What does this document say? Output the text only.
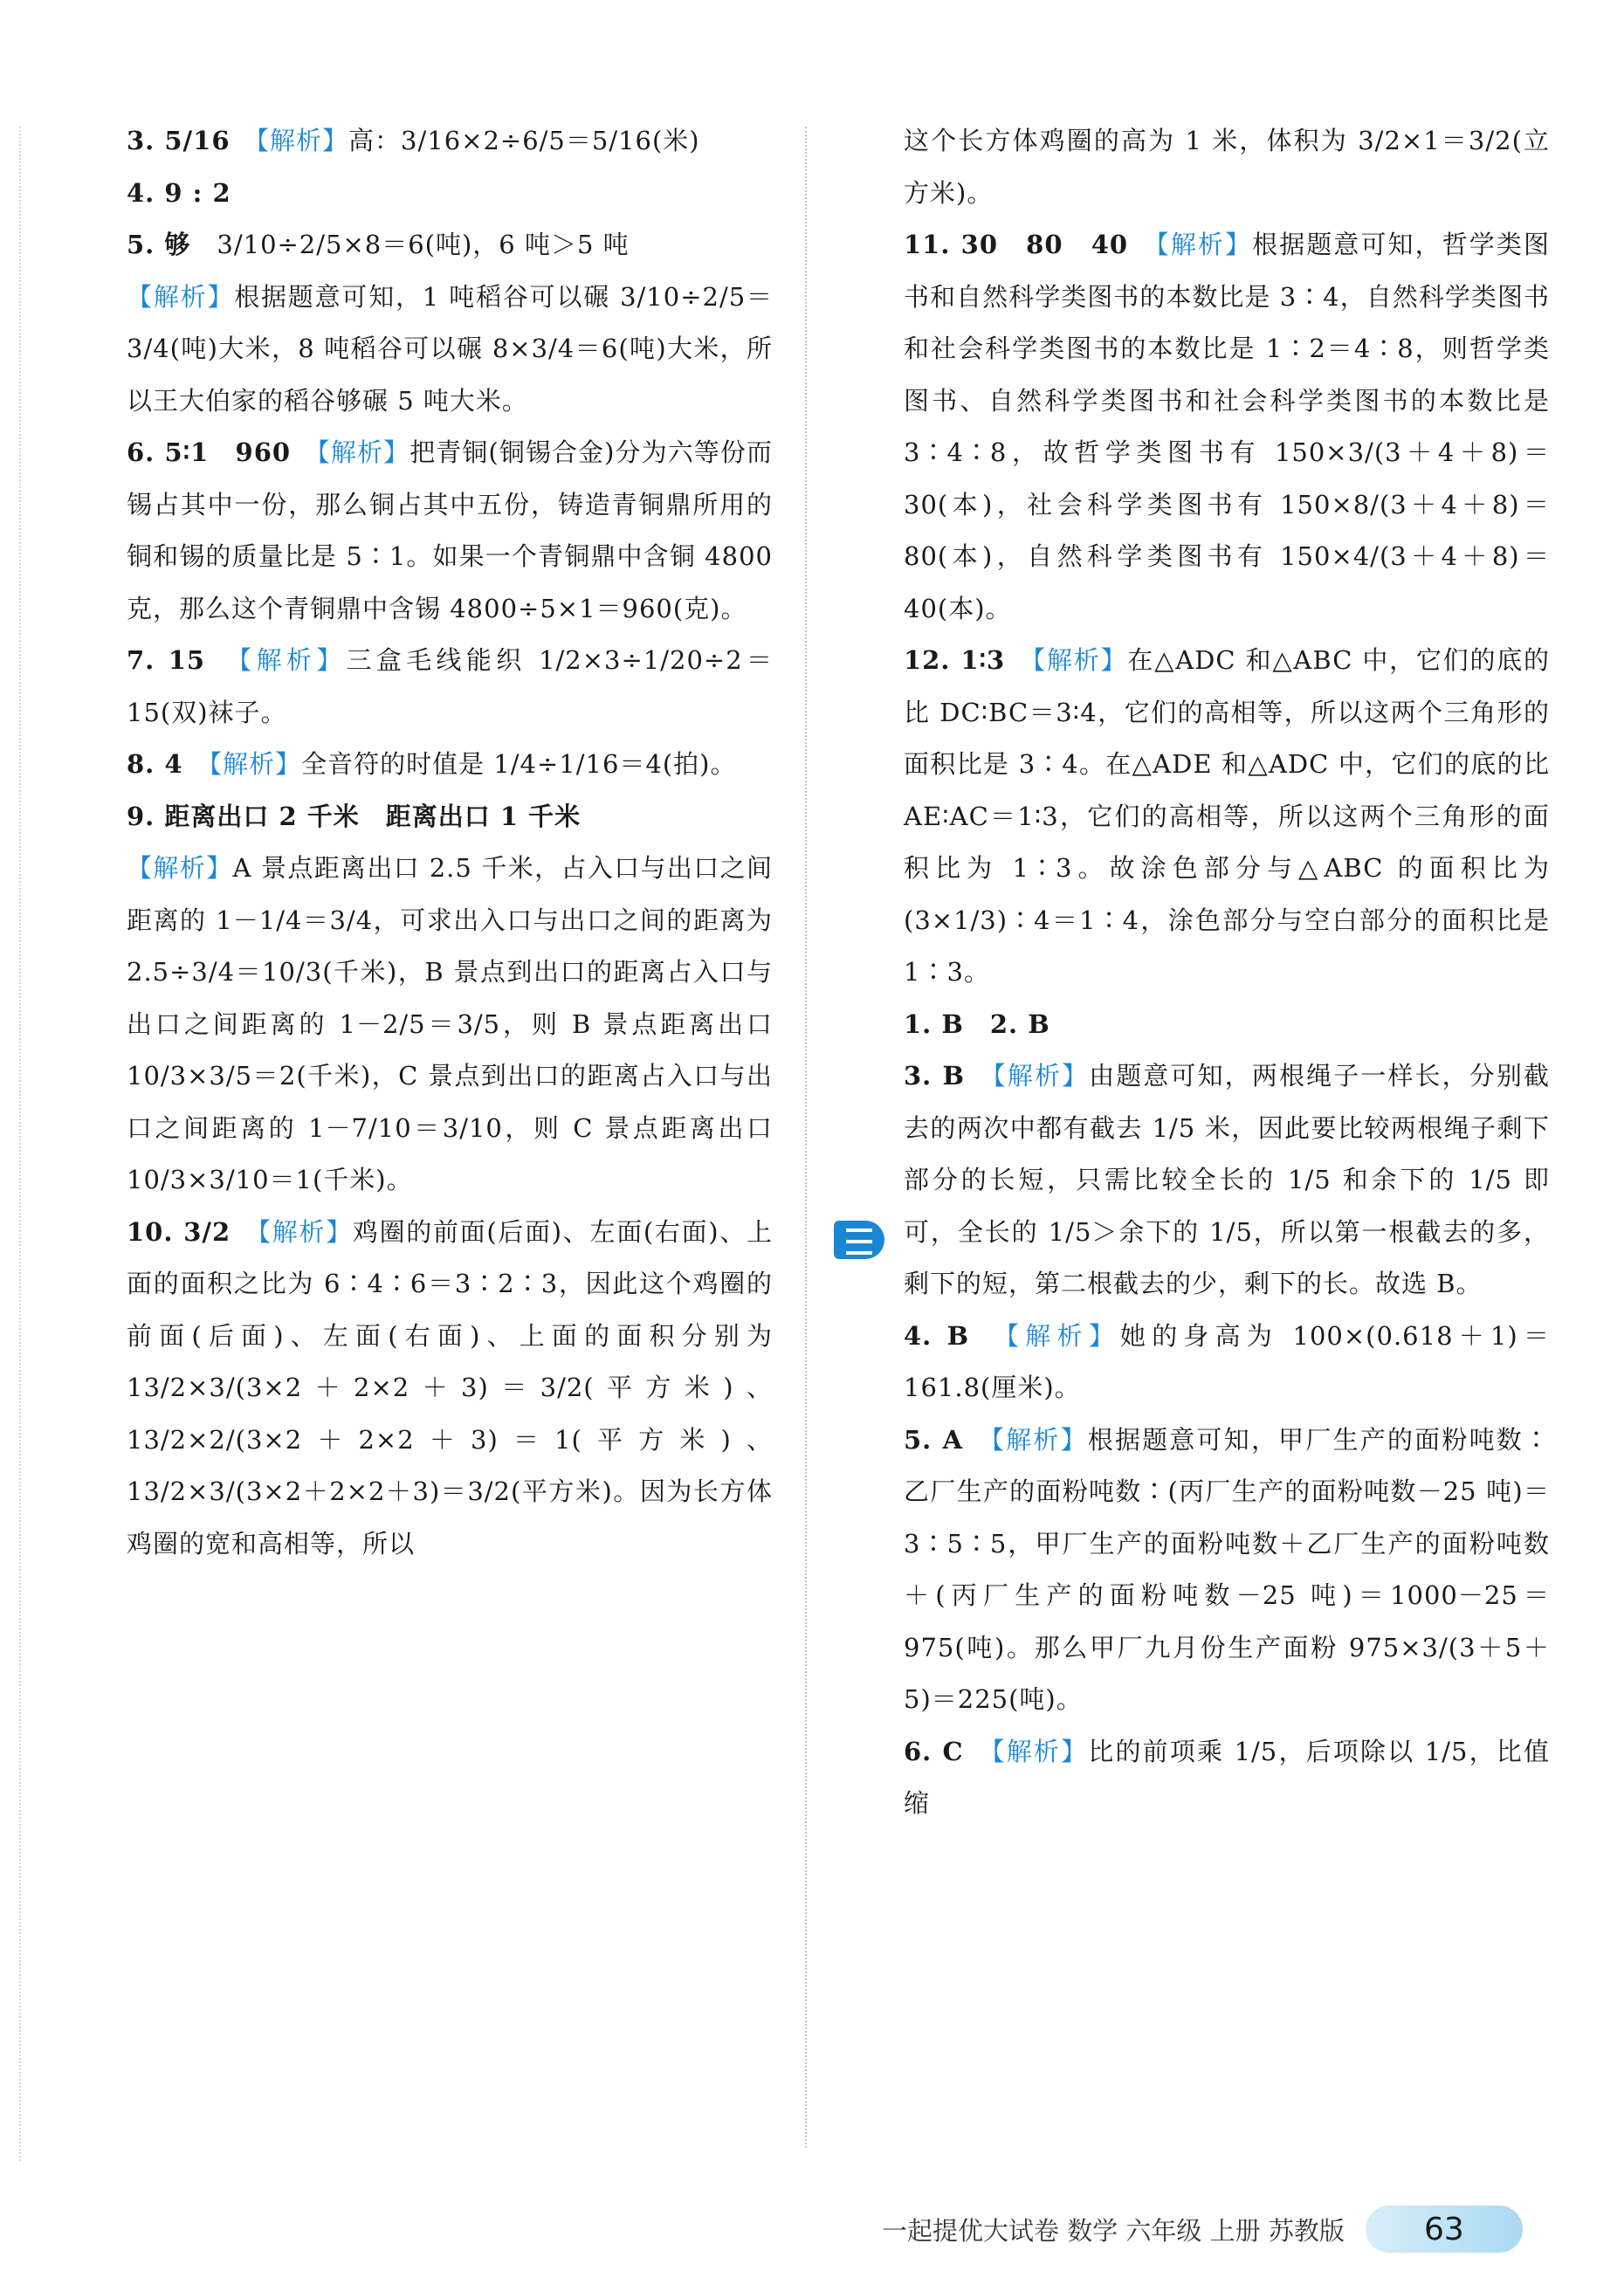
3. 5/16　 【解析】高：3/16×2÷6/5＝5/16(米)

4. 9 : 2

5. 够　 3/10÷2/5×8＝6(吨)，6 吨＞5 吨

【解析】根据题意可知，1 吨稻谷可以碾 3/10÷2/5＝3/4(吨)大米，8 吨稻谷可以碾 8×3/4＝6(吨)大米，所以王大伯家的稻谷够碾 5 吨大米。

6. 5∶1　960　 【解析】把青铜(铜锡合金)分为六等份而锡占其中一份，那么铜占其中五份，铸造青铜鼎所用的铜和锡的质量比是 5∶1。如果一个青铜鼎中含铜 4800 克，那么这个青铜鼎中含锡 4800÷5×1＝960(克)。

7. 15　 【解析】三盒毛线能织 1/2×3÷1/20÷2＝15(双)袜子。

8. 4　 【解析】全音符的时值是 1/4÷1/16＝4(拍)。

9. 距离出口 2 千米　距离出口 1 千米

【解析】A 景点距离出口 2.5 千米，占入口与出口之间距离的 1－1/4＝3/4，可求出入口与出口之间的距离为 2.5÷3/4＝10/3(千米)，B 景点到出口的距离占入口与出口之间距离的 1－2/5＝3/5，则 B 景点距离出口 10/3×3/5＝2(千米)，C 景点到出口的距离占入口与出口之间距离的 1－7/10＝3/10，则 C 景点距离出口 10/3×3/10＝1(千米)。

10. 3/2　 【解析】鸡圈的前面(后面)、左面(右面)、上面的面积之比为 6∶4∶6＝3∶2∶3，因此这个鸡圈的前面(后面)、左面(右面)、上面的面积分别为 13/2×3/(3×2＋2×2＋3)＝3/2(平方米)、13/2×2/(3×2＋2×2＋3)＝1(平方米)、13/2×3/(3×2＋2×2＋3)＝3/2(平方米)。因为长方体鸡圈的宽和高相等，所以

这个长方体鸡圈的高为 1 米，体积为 3/2×1＝3/2(立方米)。

11. 30　80　40　 【解析】根据题意可知，哲学类图书和自然科学类图书的本数比是 3∶4，自然科学类图书和社会科学类图书的本数比是 1∶2＝4∶8，则哲学类图书、自然科学类图书和社会科学类图书的本数比是 3∶4∶8，故哲学类图书有 150×3/(3＋4＋8)＝30(本)，社会科学类图书有 150×8/(3＋4＋8)＝80(本)，自然科学类图书有 150×4/(3＋4＋8)＝40(本)。

12. 1∶3　 【解析】在△ADC 和△ABC 中，它们的底的比 DC∶BC＝3∶4，它们的高相等，所以这两个三角形的面积比是 3∶4。在△ADE 和△ADC 中，它们的底的比 AE∶AC＝1∶3，它们的高相等，所以这两个三角形的面积比为 1∶3。故涂色部分与△ABC 的面积比为(3×1/3)∶4＝1∶4，涂色部分与空白部分的面积比是 1∶3。

1. B　2. B

3. B　 【解析】由题意可知，两根绳子一样长，分别截去的两次中都有截去 1/5 米，因此要比较两根绳子剩下部分的长短，只需比较全长的 1/5 和余下的 1/5 即可，全长的 1/5＞余下的 1/5，所以第一根截去的多，剩下的短，第二根截去的少，剩下的长。故选 B。

4. B　 【解析】她的身高为 100×(0.618＋1)＝161.8(厘米)。

5. A　 【解析】根据题意可知，甲厂生产的面粉吨数∶乙厂生产的面粉吨数∶(丙厂生产的面粉吨数－25 吨)＝3∶5∶5，甲厂生产的面粉吨数＋乙厂生产的面粉吨数＋(丙厂生产的面粉吨数－25 吨)＝1000－25＝975(吨)。那么甲厂九月份生产面粉 975×3/(3＋5＋5)＝225(吨)。

6. C　 【解析】比的前项乘 1/5，后项除以 1/5，比值缩

一起提优大试卷 数学 六年级 上册 苏教版	63
